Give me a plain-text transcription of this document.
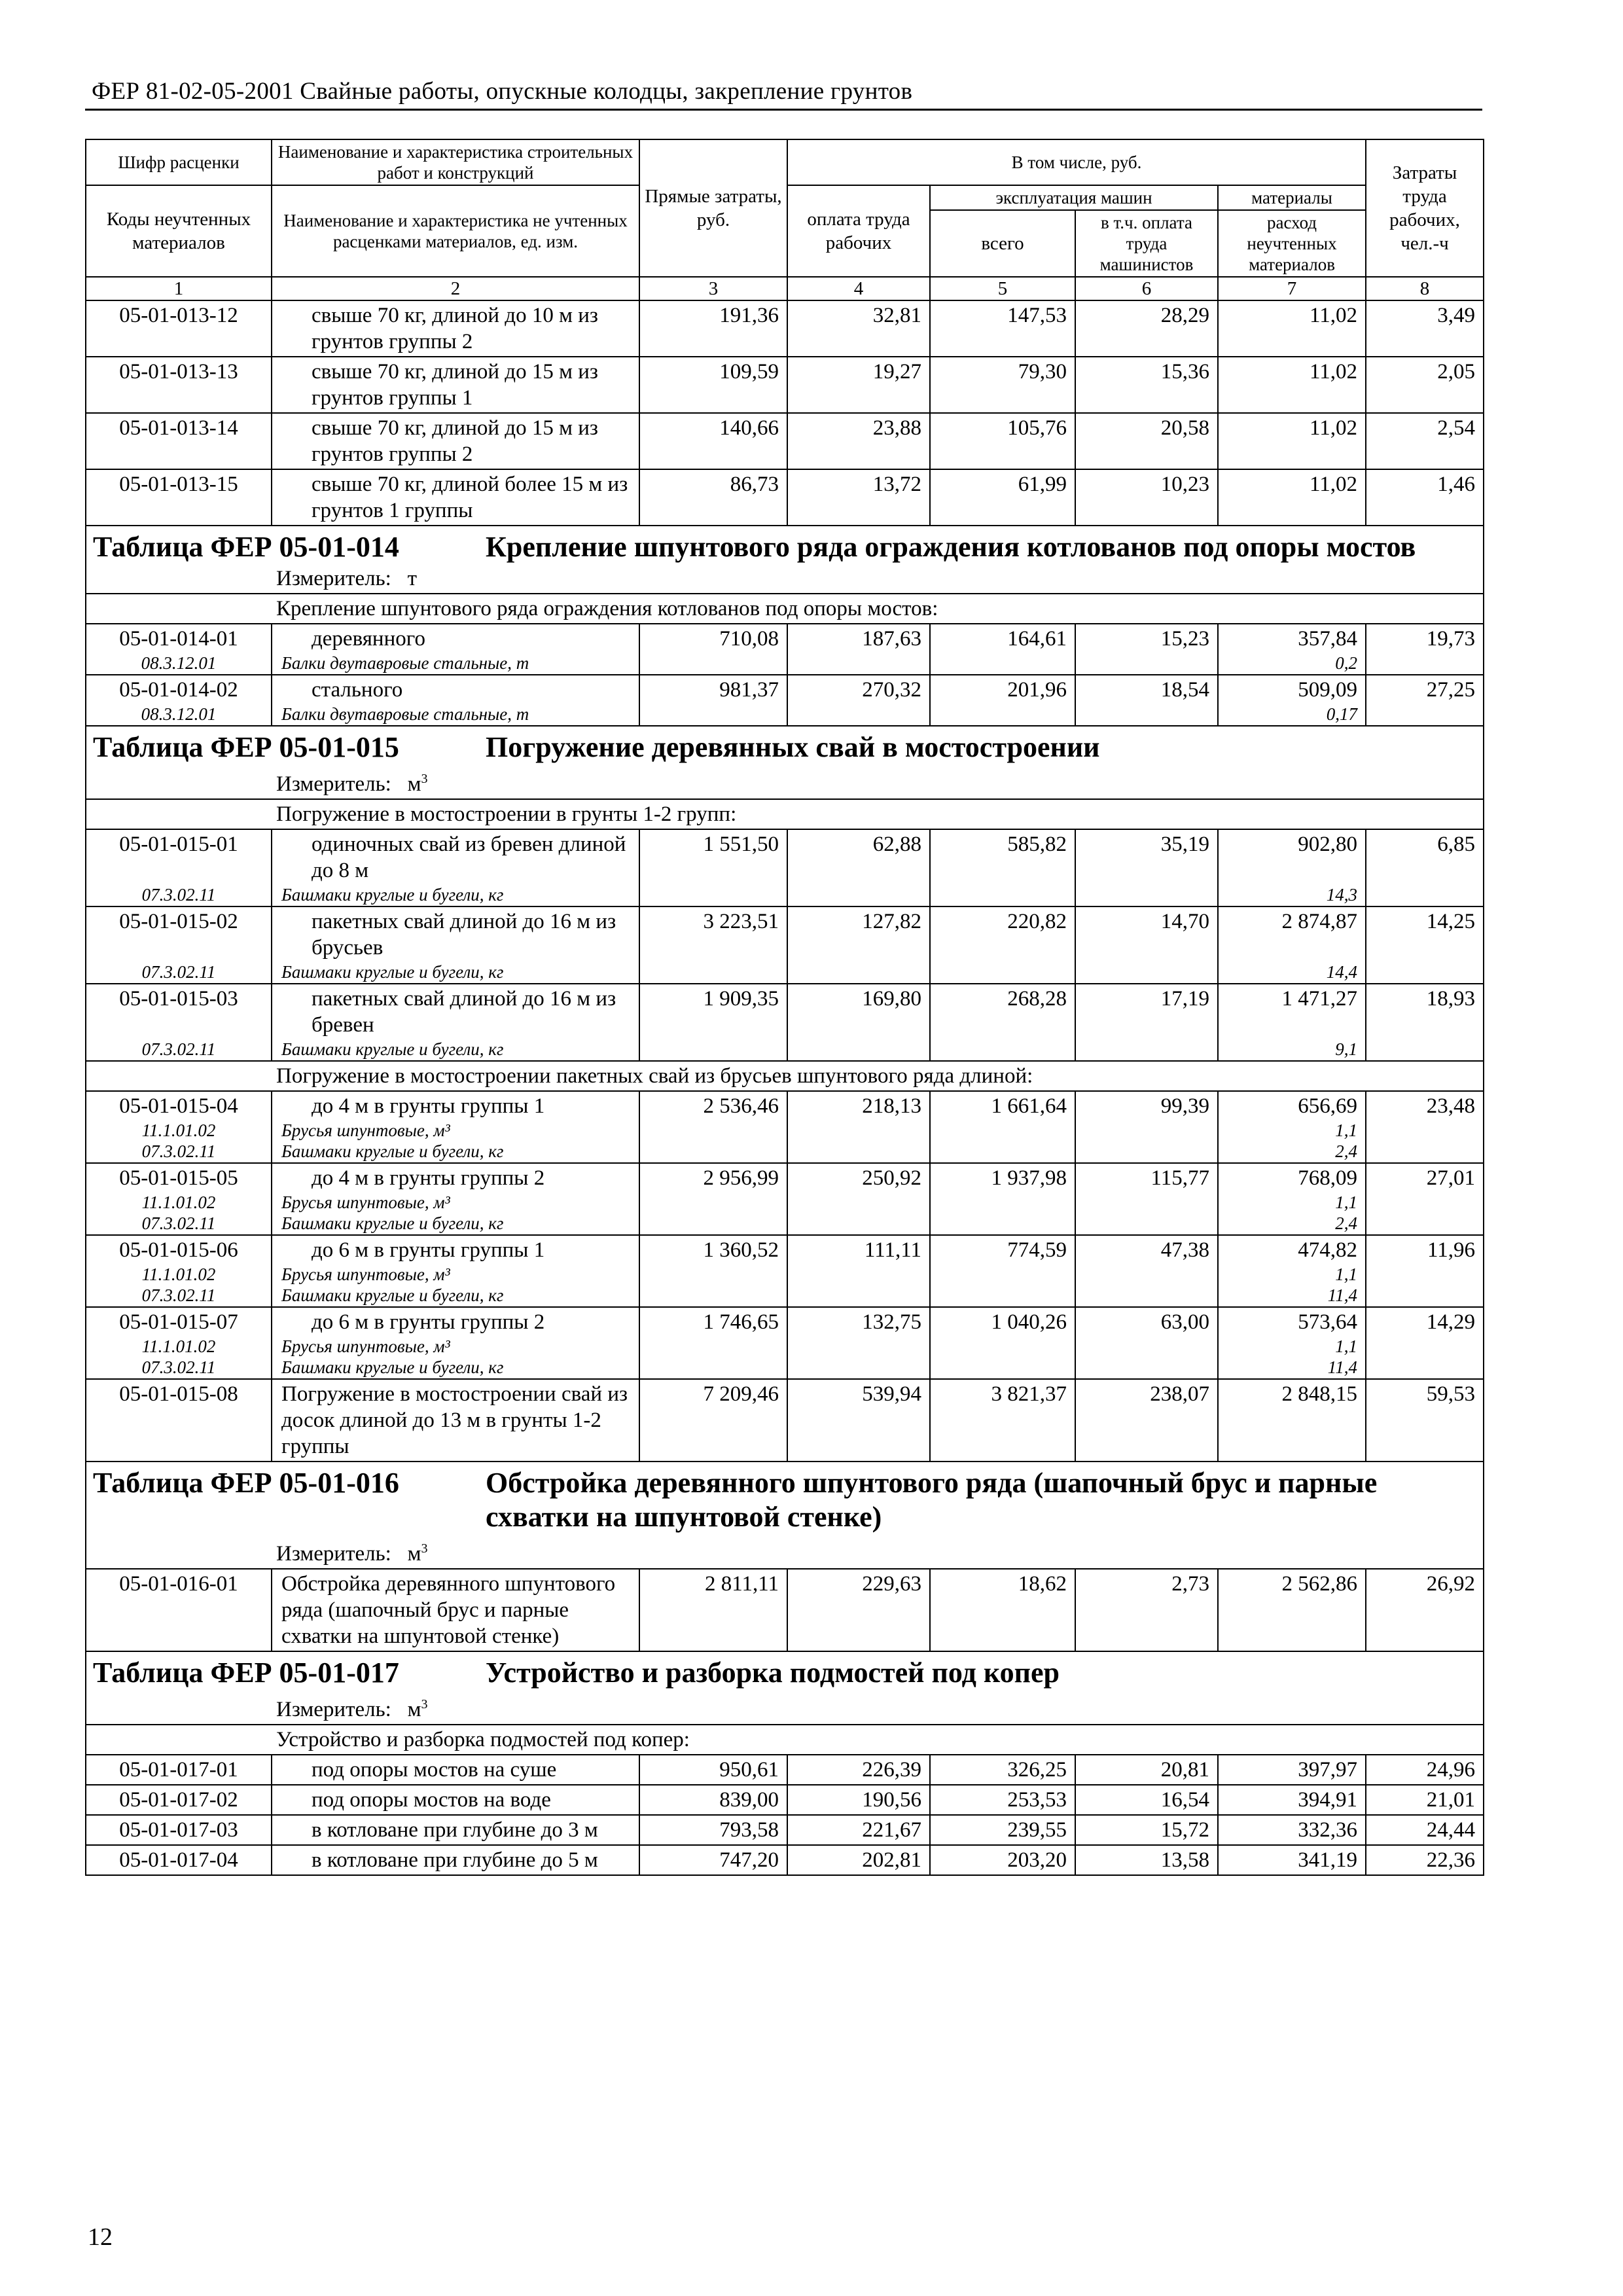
ФЕР 81-02-05-2001 Свайные работы, опускные колодцы, закрепление грунтов
Шифр расценки	Наименование и характеристика строительных работ и конструкций	Прямые затраты, руб.	В том числе, руб.				Затраты труда рабочих, чел.-ч
Коды неучтенных материалов	Наименование и характеристика не учтенных расценками материалов, ед. изм.		оплата труда рабочих	эксплуатация машин		материалы	
				всего	в т.ч. оплата труда машинистов	расход неучтенных материалов	
1	2	3	4	5	6	7	8
05-01-013-12	свыше 70 кг, длиной до 10 м из грунтов группы 2	191,36	32,81	147,53	28,29	11,02	3,49
05-01-013-13	свыше 70 кг, длиной до 15 м из грунтов группы 1	109,59	19,27	79,30	15,36	11,02	2,05
05-01-013-14	свыше 70 кг, длиной до 15 м из грунтов группы 2	140,66	23,88	105,76	20,58	11,02	2,54
05-01-013-15	свыше 70 кг, длиной более 15 м из грунтов 1 группы	86,73	13,72	61,99	10,23	11,02	1,46

Таблица ФЕР 05-01-014 Крепление шпунтового ряда ограждения котлованов под опоры мостов							

Измеритель: т							
Крепление шпунтового ряда ограждения котлованов под опоры мостов:							
05-01-014-01	деревянного	710,08	187,63	164,61	15,23	357,84	19,73
08.3.12.01	Балки двутавровые стальные, т					0,2	
05-01-014-02	стального	981,37	270,32	201,96	18,54	509,09	27,25
08.3.12.01	Балки двутавровые стальные, т					0,17	

Таблица ФЕР 05-01-015 Погружение деревянных свай в мостостроении							

Измеритель: $м^3$
Погружение в мостостроении в грунты 1-2 групп:							
05-01-015-01	одиночных свай из бревен длиной до 8 м	1 551,50	62,88	585,82	35,19	902,80	6,85
07.3.02.11	Башмаки круглые и бугели, кг					14,3	
05-01-015-02	пакетных свай длиной до 16 м из брусьев	3 223,51	127,82	220,82	14,70	2 874,87	14,25
07.3.02.11	Башмаки круглые и бугели, кг					14,4	
05-01-015-03	пакетных свай длиной до 16 м из бревен	1 909,35	169,80	268,28	17,19	1 471,27	18,93
07.3.02.11	Башмаки круглые и бугели, кг					9,1	
Погружение в мостостроении пакетных свай из брусьев шпунтового ряда длиной:							
05-01-015-04	до 4 м в грунты группы 1	2 536,46	218,13	1 661,64	99,39	656,69	23,48
11.1.01.02	Брусья шпунтовые, м³					1,1	
07.3.02.11	Башмаки круглые и бугели, кг					2,4	
05-01-015-05	до 4 м в грунты группы 2	2 956,99	250,92	1 937,98	115,77	768,09	27,01
11.1.01.02	Брусья шпунтовые, м³					1,1	
07.3.02.11	Башмаки круглые и бугели, кг					2,4	
05-01-015-06	до 6 м в грунты группы 1	1 360,52	111,11	774,59	47,38	474,82	11,96
11.1.01.02	Брусья шпунтовые, м³					1,1	
07.3.02.11	Башмаки круглые и бугели, кг					11,4	
05-01-015-07	до 6 м в грунты группы 2	1 746,65	132,75	1 040,26	63,00	573,64	14,29
11.1.01.02	Брусья шпунтовые, м³					1,1	
07.3.02.11	Башмаки круглые и бугели, кг					11,4	
05-01-015-08	Погружение в мостостроении свай из досок длиной до 13 м в грунты 1-2 группы	7 209,46	539,94	3 821,37	238,07	2 848,15	59,53

Таблица ФЕР 05-01-016 Обстройка деревянного шпунтового ряда (шапочный брус и парные схватки на шпунтовой стенке)							

Измеритель: $м^3$
05-01-016-01	Обстройка деревянного шпунтового ряда (шапочный брус и парные схватки на шпунтовой стенке)	2 811,11	229,63	18,62	2,73	2 562,86	26,92

Таблица ФЕР 05-01-017 Устройство и разборка подмостей под копер							

Измеритель: $м^3$
Устройство и разборка подмостей под копер:							
05-01-017-01	под опоры мостов на суше	950,61	226,39	326,25	20,81	397,97	24,96
05-01-017-02	под опоры мостов на воде	839,00	190,56	253,53	16,54	394,91	21,01
05-01-017-03	в котловане при глубине до 3 м	793,58	221,67	239,55	15,72	332,36	24,44
05-01-017-04	в котловане при глубине до 5 м	747,20	202,81	203,20	13,58	341,19	22,36
12
